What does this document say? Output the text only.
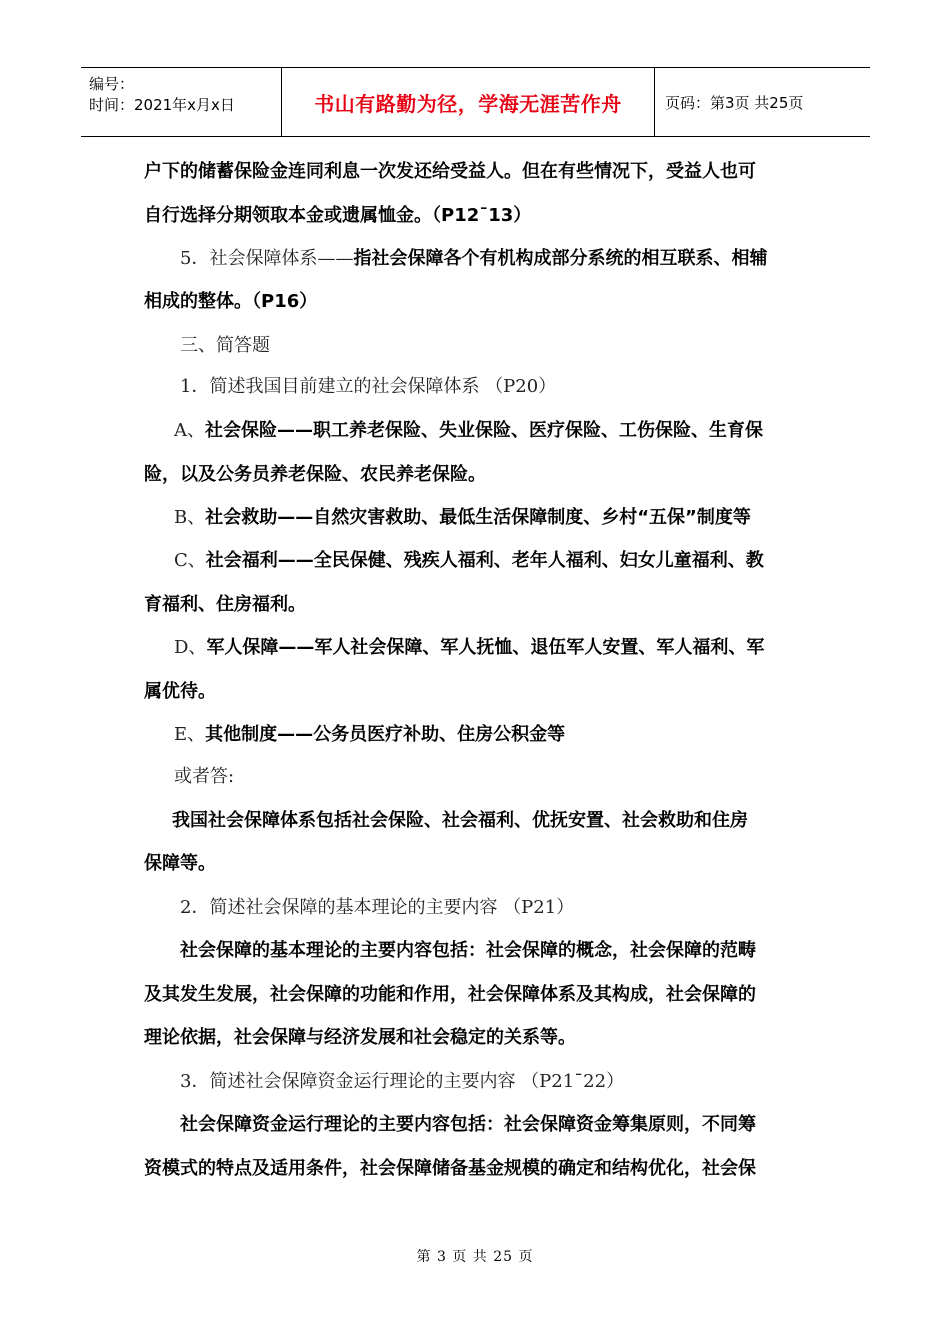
编号：
时间：2021年x月x日	书山有路勤为径，学海无涯苦作舟	页码：第3页 共25页
户下的储蓄保险金连同利息一次发还给受益人。但在有些情况下，受益人也可
自行选择分期领取本金或遗属恤金。（P12¯13）
5．社会保障体系——指社会保障各个有机构成部分系统的相互联系、相辅
相成的整体。（P16）
三、简答题
1．简述我国目前建立的社会保障体系 （P20）
A、社会保险——职工养老保险、失业保险、医疗保险、工伤保险、生育保
险，以及公务员养老保险、农民养老保险。
B、社会救助——自然灾害救助、最低生活保障制度、乡村“五保”制度等
C、社会福利——全民保健、残疾人福利、老年人福利、妇女儿童福利、教
育福利、住房福利。
D、军人保障——军人社会保障、军人抚恤、退伍军人安置、军人福利、军
属优待。
E、其他制度——公务员医疗补助、住房公积金等
或者答:
我国社会保障体系包括社会保险、社会福利、优抚安置、社会救助和住房
保障等。
2．简述社会保障的基本理论的主要内容 （P21）
社会保障的基本理论的主要内容包括：社会保障的概念，社会保障的范畴
及其发生发展，社会保障的功能和作用，社会保障体系及其构成，社会保障的
理论依据，社会保障与经济发展和社会稳定的关系等。
3．简述社会保障资金运行理论的主要内容 （P21¯22）
社会保障资金运行理论的主要内容包括：社会保障资金筹集原则，不同筹
资模式的特点及适用条件，社会保障储备基金规模的确定和结构优化，社会保
第 3 页 共 25 页
